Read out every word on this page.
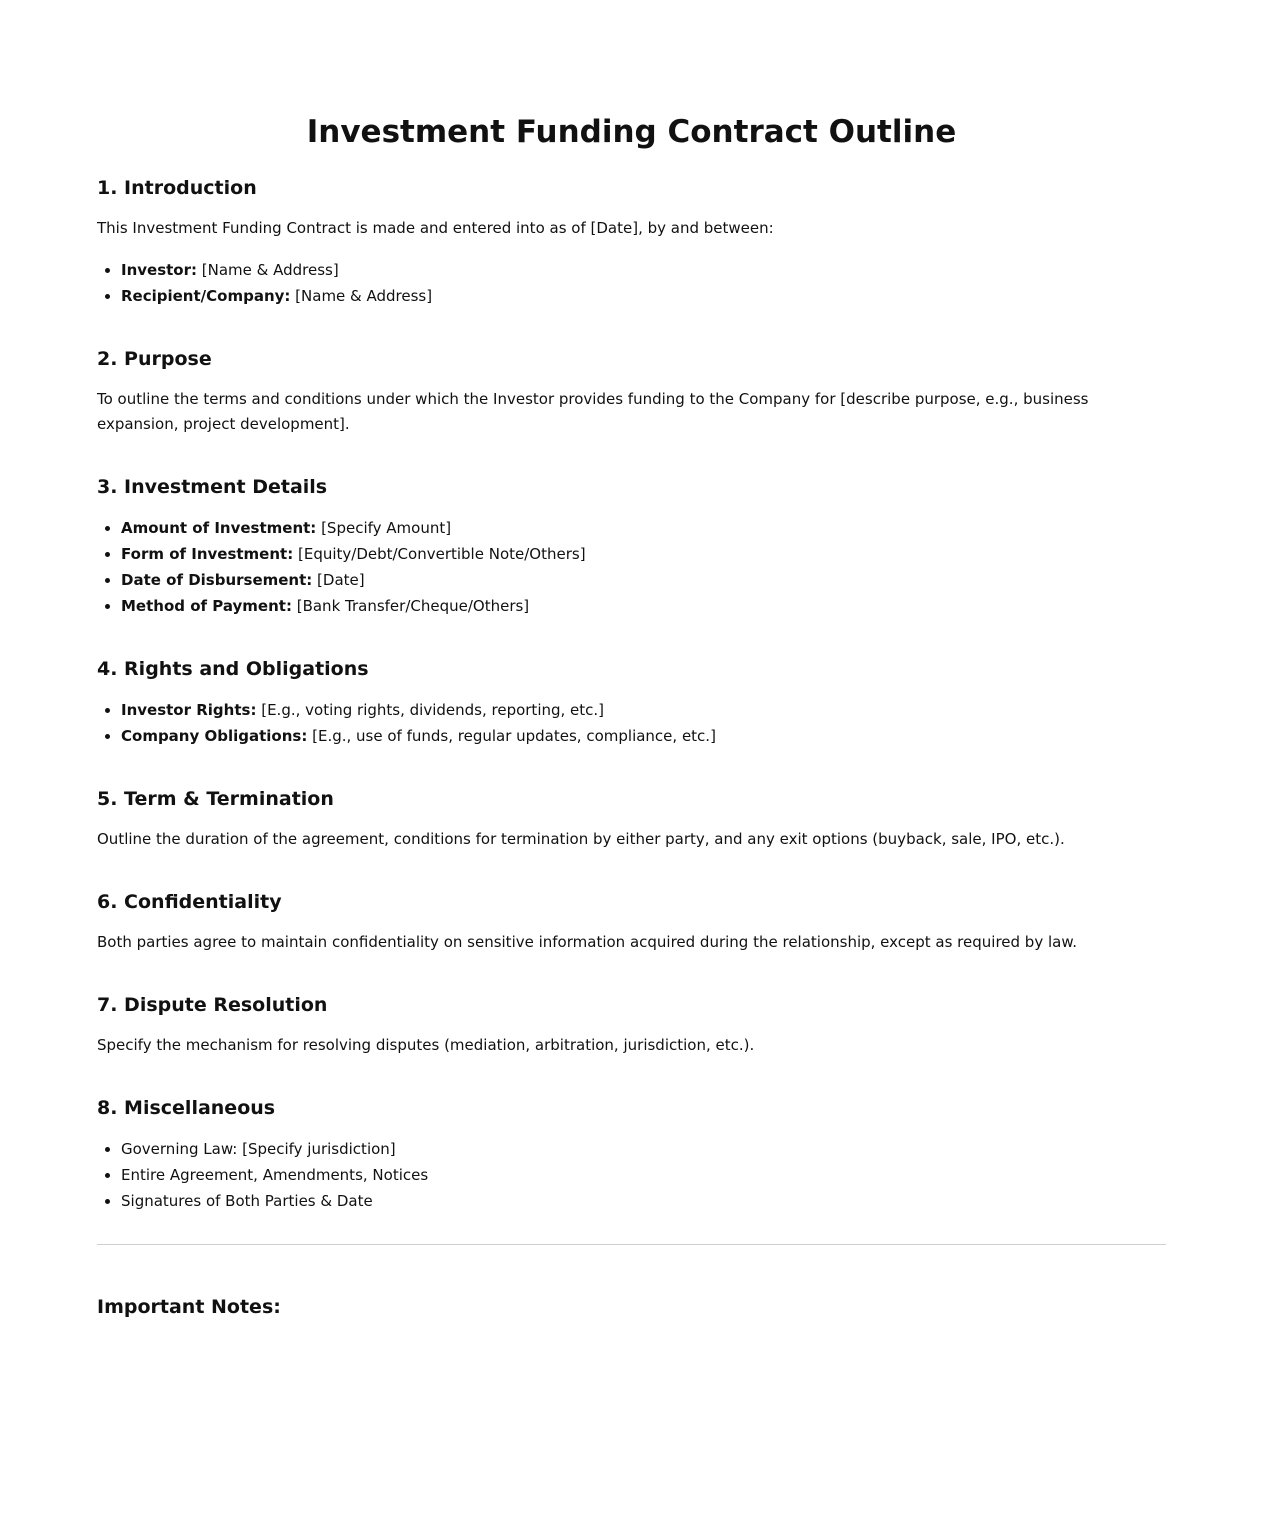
Investment Funding Contract Outline
1. Introduction

This Investment Funding Contract is made and entered into as of [Date], by and between:

• Investor: [Name & Address]
• Recipient/Company: [Name & Address]
2. Purpose

To outline the terms and conditions under which the Investor provides funding to the Company for [describe purpose, e.g., business expansion, project development].

3. Investment Details
• Amount of Investment: [Specify Amount]
• Form of Investment: [Equity/Debt/Convertible Note/Others]
• Date of Disbursement: [Date]
• Method of Payment: [Bank Transfer/Cheque/Others]
4. Rights and Obligations
• Investor Rights: [E.g., voting rights, dividends, reporting, etc.]
• Company Obligations: [E.g., use of funds, regular updates, compliance, etc.]
5. Term & Termination

Outline the duration of the agreement, conditions for termination by either party, and any exit options (buyback, sale, IPO, etc.).

6. Confidentiality

Both parties agree to maintain confidentiality on sensitive information acquired during the relationship, except as required by law.

7. Dispute Resolution

Specify the mechanism for resolving disputes (mediation, arbitration, jurisdiction, etc.).

8. Miscellaneous
• Governing Law: [Specify jurisdiction]
• Entire Agreement, Amendments, Notices
• Signatures of Both Parties & Date
Important Notes:
